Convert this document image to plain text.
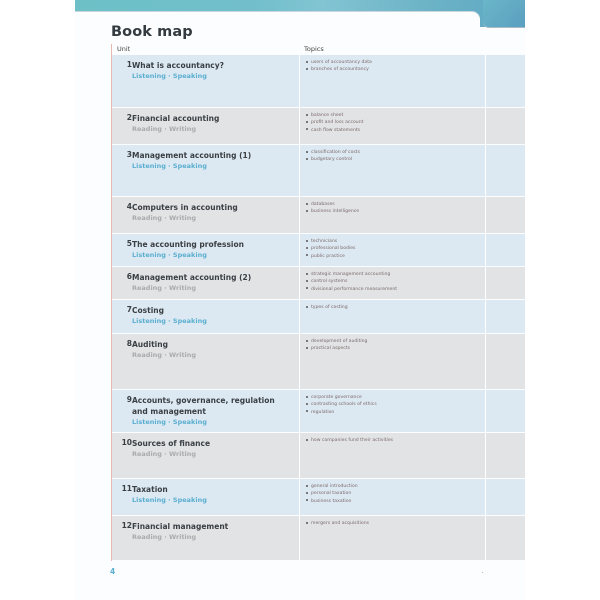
Book map
Unit	Topics
1 What is accountancy?
Listening · Speaking
users of accountancy data
branches of accountancy
2 Financial accounting
Reading · Writing
balance sheet
profit and loss account
cash flow statements
3 Management accounting (1)
Listening · Speaking
classification of costs
budgetary control
4 Computers in accounting
Reading · Writing
databases
business intelligence
5 The accounting profession
Listening · Speaking
technicians
professional bodies
public practice
6 Management accounting (2)
Reading · Writing
strategic management accounting
control systems
divisional performance measurement
7 Costing
Listening · Speaking
types of costing
8 Auditing
Reading · Writing
development of auditing
practical aspects
9 Accounts, governance, regulation and management
Listening · Speaking
corporate governance
contrasting schools of ethics
regulation
10 Sources of finance
Reading · Writing
how companies fund their activities
11 Taxation
Listening · Speaking
general introduction
personal taxation
business taxation
12 Financial management
Reading · Writing
mergers and acquisitions
4
